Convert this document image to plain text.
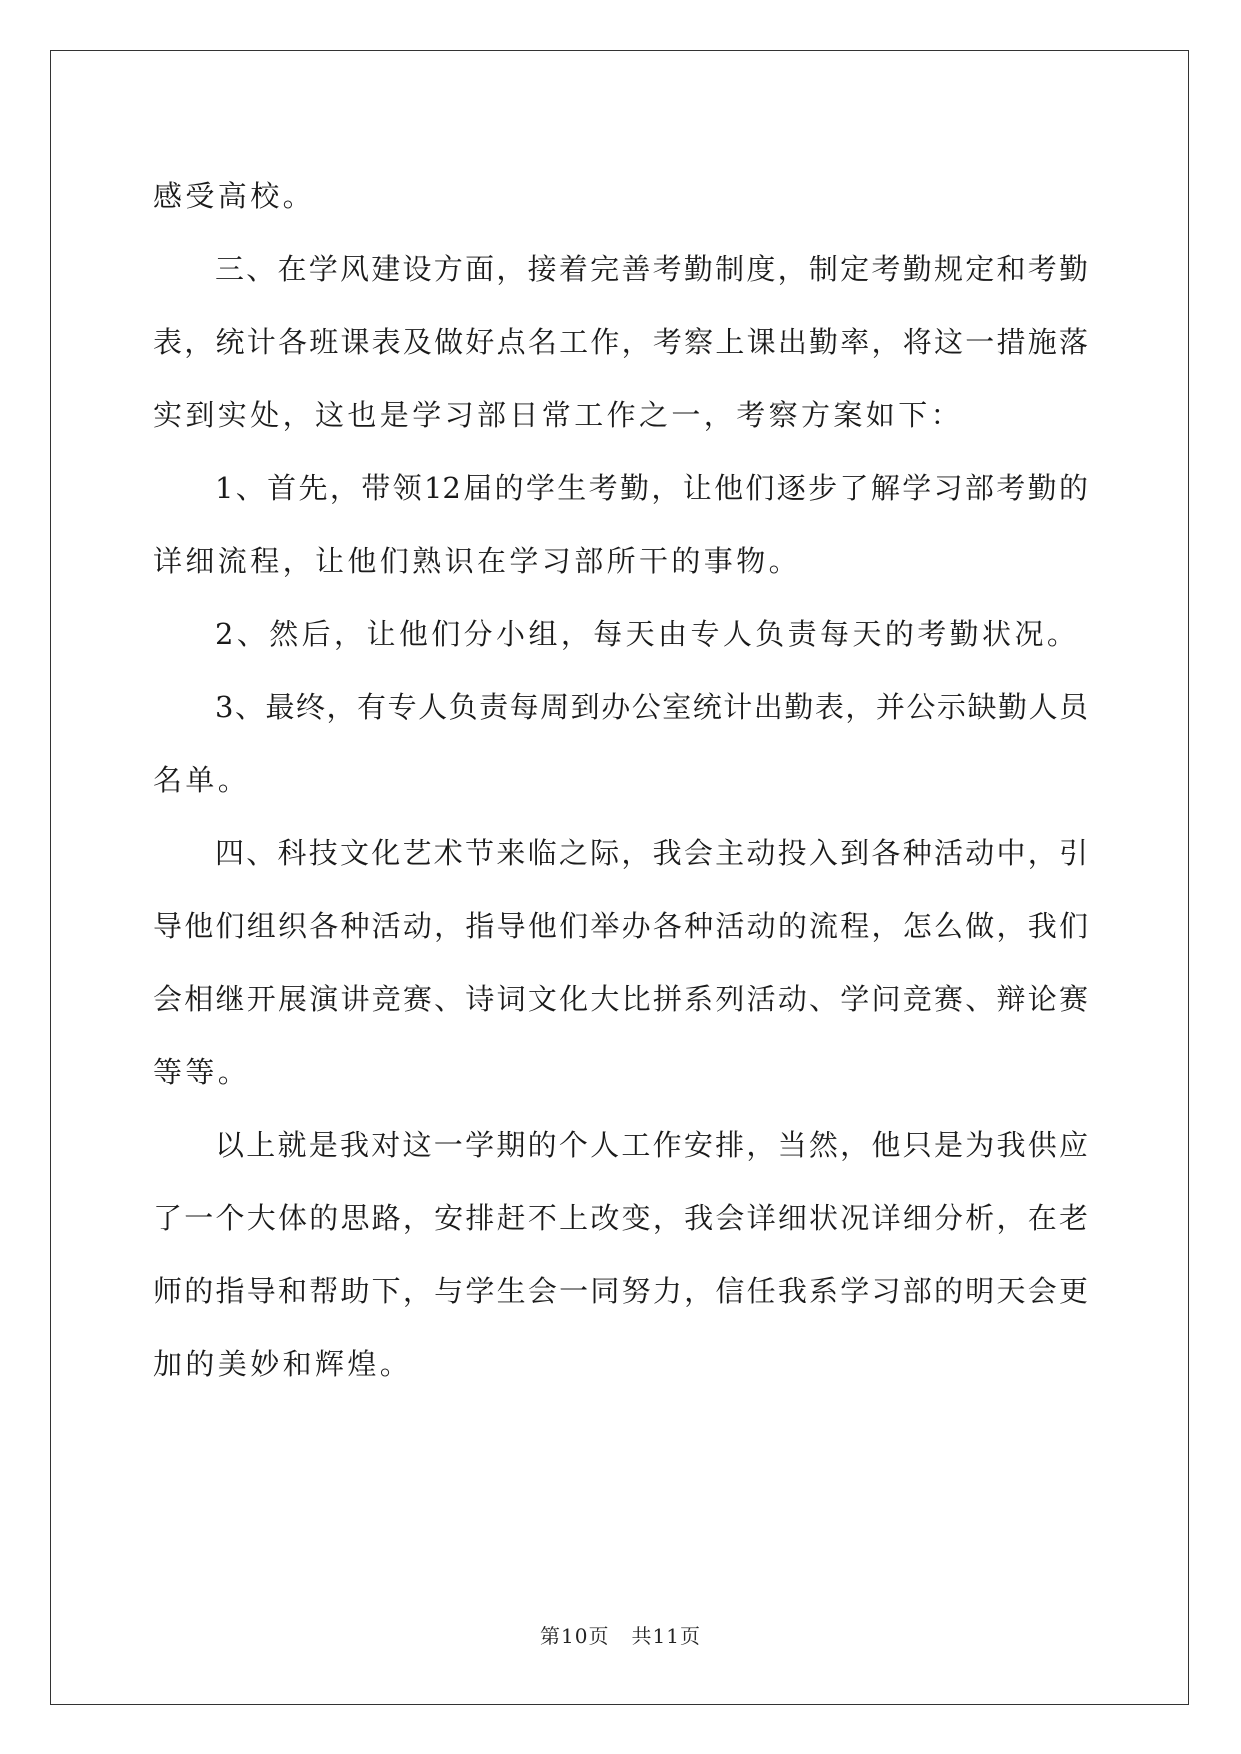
感受高校。
三、在学风建设方面，接着完善考勤制度，制定考勤规定和考勤
表，统计各班课表及做好点名工作，考察上课出勤率，将这一措施落
实到实处，这也是学习部日常工作之一，考察方案如下：
1、首先，带领12届的学生考勤，让他们逐步了解学习部考勤的
详细流程，让他们熟识在学习部所干的事物。
2、然后，让他们分小组，每天由专人负责每天的考勤状况。
3、最终，有专人负责每周到办公室统计出勤表，并公示缺勤人员
名单。
四、科技文化艺术节来临之际，我会主动投入到各种活动中，引
导他们组织各种活动，指导他们举办各种活动的流程，怎么做，我们
会相继开展演讲竞赛、诗词文化大比拼系列活动、学问竞赛、辩论赛
等等。
以上就是我对这一学期的个人工作安排，当然，他只是为我供应
了一个大体的思路，安排赶不上改变，我会详细状况详细分析，在老
师的指导和帮助下，与学生会一同努力，信任我系学习部的明天会更
加的美妙和辉煌。
第10页 共11页
